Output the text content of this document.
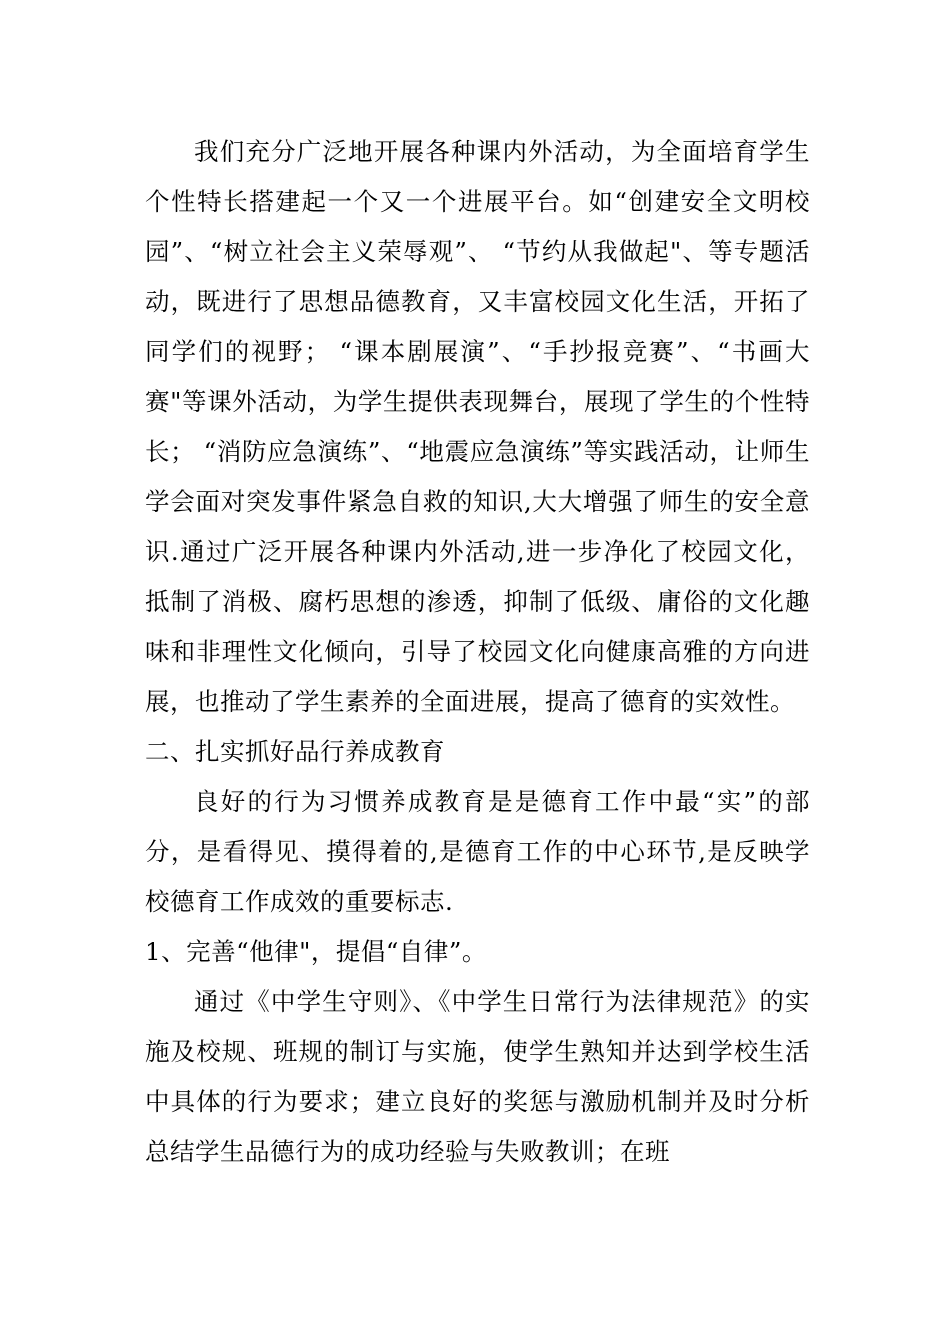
我们充分广泛地开展各种课内外活动，为全面培育学生个性特长搭建起一个又一个进展平台。如“创建安全文明校园”、“树立社会主义荣辱观”、 “节约从我做起"、等专题活动，既进行了思想品德教育，又丰富校园文化生活，开拓了同学们的视野； “课本剧展演”、“手抄报竞赛”、“书画大赛"等课外活动，为学生提供表现舞台，展现了学生的个性特长； “消防应急演练”、“地震应急演练”等实践活动，让师生学会面对突发事件紧急自救的知识,大大增强了师生的安全意识.通过广泛开展各种课内外活动,进一步净化了校园文化，抵制了消极、腐朽思想的渗透，抑制了低级、庸俗的文化趣味和非理性文化倾向，引导了校园文化向健康高雅的方向进展，也推动了学生素养的全面进展，提高了德育的实效性。

二、扎实抓好品行养成教育

良好的行为习惯养成教育是是德育工作中最“实”的部分，是看得见、摸得着的,是德育工作的中心环节,是反映学校德育工作成效的重要标志.

1、完善“他律"，提倡“自律”。

通过《中学生守则》、《中学生日常行为法律规范》的实施及校规、班规的制订与实施，使学生熟知并达到学校生活中具体的行为要求；建立良好的奖惩与激励机制并及时分析总结学生品德行为的成功经验与失败教训；在班
